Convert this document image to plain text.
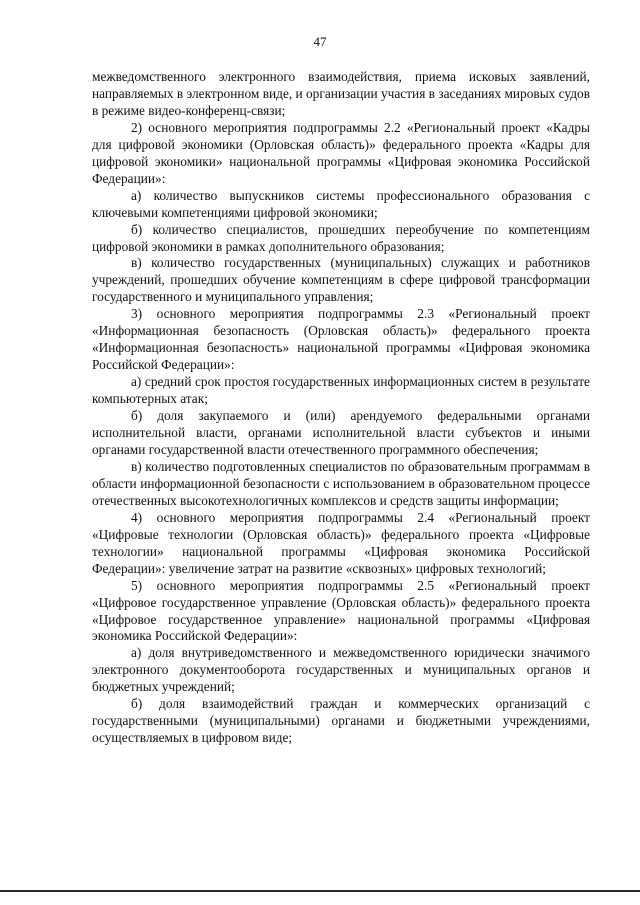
47

межведомственного электронного взаимодействия, приема исковых заявлений, направляемых в электронном виде, и организации участия в заседаниях мировых судов в режиме видео-конференц-связи;

2) основного мероприятия подпрограммы 2.2 «Региональный проект «Кадры для цифровой экономики (Орловская область)» федерального проекта «Кадры для цифровой экономики» национальной программы «Цифровая экономика Российской Федерации»:

а) количество выпускников системы профессионального образования с ключевыми компетенциями цифровой экономики;

б) количество специалистов, прошедших переобучение по компетенциям цифровой экономики в рамках дополнительного образования;

в) количество государственных (муниципальных) служащих и работников учреждений, прошедших обучение компетенциям в сфере цифровой трансформации государственного и муниципального управления;

3) основного мероприятия подпрограммы 2.3 «Региональный проект «Информационная безопасность (Орловская область)» федерального проекта «Информационная безопасность» национальной программы «Цифровая экономика Российской Федерации»:

а) средний срок простоя государственных информационных систем в результате компьютерных атак;

б) доля закупаемого и (или) арендуемого федеральными органами исполнительной власти, органами исполнительной власти субъектов и иными органами государственной власти отечественного программного обеспечения;

в) количество подготовленных специалистов по образовательным программам в области информационной безопасности с использованием в образовательном процессе отечественных высокотехнологичных комплексов и средств защиты информации;

4) основного мероприятия подпрограммы 2.4 «Региональный проект «Цифровые технологии (Орловская область)» федерального проекта «Цифровые технологии» национальной программы «Цифровая экономика Российской Федерации»: увеличение затрат на развитие «сквозных» цифровых технологий;

5) основного мероприятия подпрограммы 2.5 «Региональный проект «Цифровое государственное управление (Орловская область)» федерального проекта «Цифровое государственное управление» национальной программы «Цифровая экономика Российской Федерации»:

а) доля внутриведомственного и межведомственного юридически значимого электронного документооборота государственных и муниципальных органов и бюджетных учреждений;

б) доля взаимодействий граждан и коммерческих организаций с государственными (муниципальными) органами и бюджетными учреждениями, осуществляемых в цифровом виде;
